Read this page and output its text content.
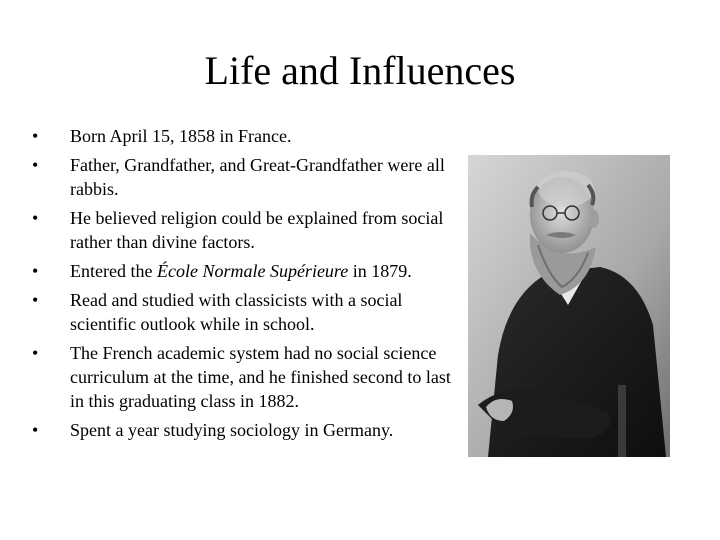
Life and Influences
•	Born April 15, 1858 in France.
•	Father, Grandfather, and Great-Grandfather were all rabbis.
•	He believed religion could be explained from social rather than divine factors.
•	Entered the École Normale Supérieure in 1879.
•	Read and studied with classicists with a social scientific outlook while in school.
•	The French academic system had no social science curriculum at the time, and he finished second to last in this graduating class in 1882.
•	Spent a year studying sociology in Germany.
